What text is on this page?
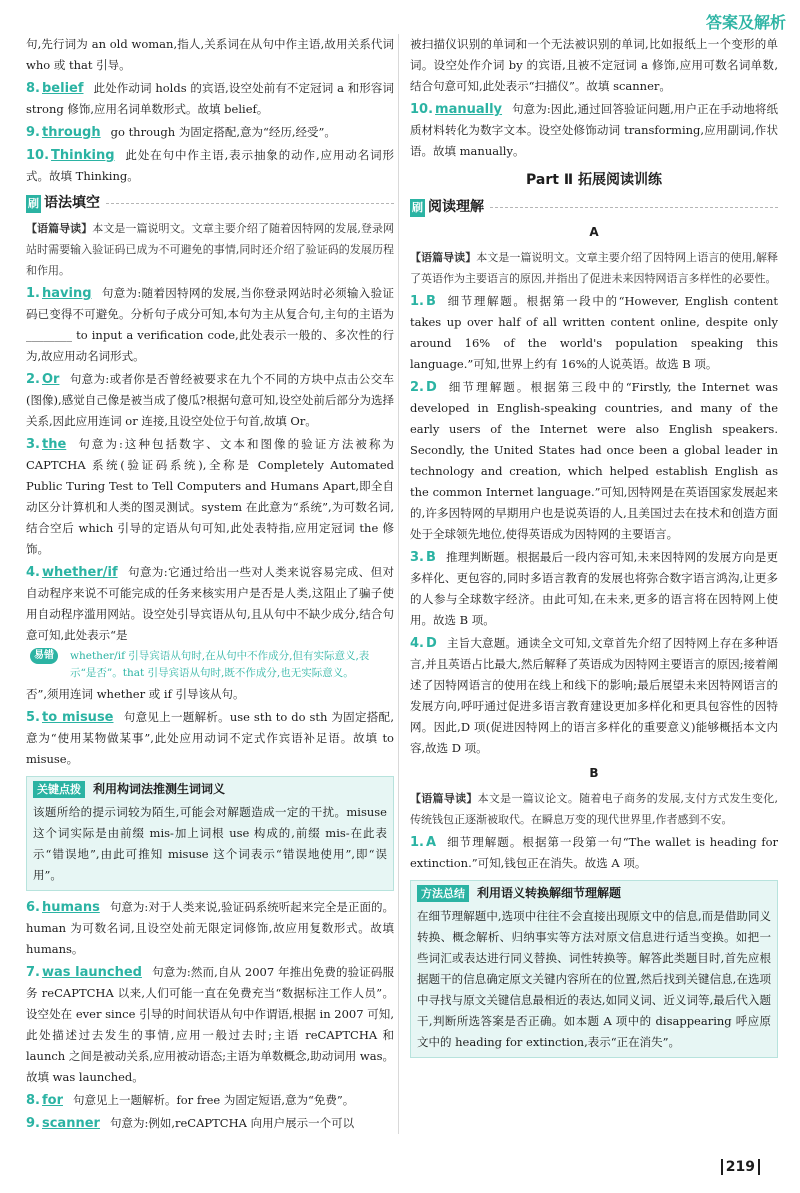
答案及解析

句,先行词为 an old woman,指人,关系词在从句中作主语,故用关系代词 who 或 that 引导。

8. belief 此处作动词 holds 的宾语,设空处前有不定冠词 a 和形容词 strong 修饰,应用名词单数形式。故填 belief。

9. through go through 为固定搭配,意为“经历,经受”。

10. Thinking 此处在句中作主语,表示抽象的动作,应用动名词形式。故填 Thinking。

刷 语法填空

【语篇导读】本文是一篇说明文。文章主要介绍了随着因特网的发展,登录网站时需要输入验证码已成为不可避免的事情,同时还介绍了验证码的发展历程和作用。

1. having 句意为:随着因特网的发展,当你登录网站时必须输入验证码已变得不可避免。分析句子成分可知,本句为主从复合句,主句的主语为________ to input a verification code,此处表示一般的、多次性的行为,故应用动名词形式。

2. Or 句意为:或者你是否曾经被要求在九个不同的方块中点击公交车(图像),感觉自己像是被当成了傻瓜?根据句意可知,设空处前后部分为选择关系,因此应用连词 or 连接,且设空处位于句首,故填 Or。

3. the 句意为:这种包括数字、文本和图像的验证方法被称为 CAPTCHA 系统(验证码系统),全称是 Completely Automated Public Turing Test to Tell Computers and Humans Apart,即全自动区分计算机和人类的图灵测试。system 在此意为“系统”,为可数名词,结合空后 which 引导的定语从句可知,此处表特指,应用定冠词 the 修饰。

4. whether/if 句意为:它通过给出一些对人类来说容易完成、但对自动程序来说不可能完成的任务来核实用户是否是人类,这阻止了骗子使用自动程序滥用网站。设空处引导宾语从句,且从句中不缺少成分,结合句意可知,此处表示“是

易错	whether/if 引导宾语从句时,在从句中不作成分,但有实际意义,表示“是否”。that 引导宾语从句时,既不作成分,也无实际意义。

否”,须用连词 whether 或 if 引导该从句。

5. to misuse 句意见上一题解析。use sth to do sth 为固定搭配,意为“使用某物做某事”,此处应用动词不定式作宾语补足语。故填 to misuse。

关键点拨	利用构词法推测生词词义

该题所给的提示词较为陌生,可能会对解题造成一定的干扰。misuse 这个词实际是由前缀 mis-加上词根 use 构成的,前缀 mis-在此表示“错误地”,由此可推知 misuse 这个词表示“错误地使用”,即“误用”。

6. humans 句意为:对于人类来说,验证码系统听起来完全是正面的。human 为可数名词,且设空处前无限定词修饰,故应用复数形式。故填 humans。

7. was launched 句意为:然而,自从 2007 年推出免费的验证码服务 reCAPTCHA 以来,人们可能一直在免费充当“数据标注工作人员”。设空处在 ever since 引导的时间状语从句中作谓语,根据 in 2007 可知,此处描述过去发生的事情,应用一般过去时;主语 reCAPTCHA 和 launch 之间是被动关系,应用被动语态;主语为单数概念,助动词用 was。故填 was launched。

8. for 句意见上一题解析。for free 为固定短语,意为“免费”。

9. scanner 句意为:例如,reCAPTCHA 向用户展示一个可以

被扫描仪识别的单词和一个无法被识别的单词,比如报纸上一个变形的单词。设空处作介词 by 的宾语,且被不定冠词 a 修饰,应用可数名词单数,结合句意可知,此处表示“扫描仪”。故填 scanner。

10. manually 句意为:因此,通过回答验证问题,用户正在手动地将纸质材料转化为数字文本。设空处修饰动词 transforming,应用副词,作状语。故填 manually。

Part Ⅱ 拓展阅读训练
刷 阅读理解
A

【语篇导读】本文是一篇说明文。文章主要介绍了因特网上语言的使用,解释了英语作为主要语言的原因,并指出了促进未来因特网语言多样性的必要性。

1. B 细节理解题。根据第一段中的“However, English content takes up over half of all written content online, despite only around 16% of the world's population speaking this language.”可知,世界上约有 16%的人说英语。故选 B 项。

2. D 细节理解题。根据第三段中的“Firstly, the Internet was developed in English-speaking countries, and many of the early users of the Internet were also English speakers. Secondly, the United States had once been a global leader in technology and creation, which helped establish English as the common Internet language.”可知,因特网是在英语国家发展起来的,许多因特网的早期用户也是说英语的人,且美国过去在技术和创造方面处于全球领先地位,使得英语成为因特网的主要语言。

3. B 推理判断题。根据最后一段内容可知,未来因特网的发展方向是更多样化、更包容的,同时多语言教育的发展也将弥合数字语言鸿沟,让更多的人参与全球数字经济。由此可知,在未来,更多的语言将在因特网上使用。故选 B 项。

4. D 主旨大意题。通读全文可知,文章首先介绍了因特网上存在多种语言,并且英语占比最大,然后解释了英语成为因特网主要语言的原因;接着阐述了因特网语言的使用在线上和线下的影响;最后展望未来因特网语言的发展方向,呼吁通过促进多语言教育建设更加多样化和更具包容性的因特网。因此,D 项(促进因特网上的语言多样化的重要意义)能够概括本文内容,故选 D 项。

B

【语篇导读】本文是一篇议论文。随着电子商务的发展,支付方式发生变化,传统钱包正逐渐被取代。在瞬息万变的现代世界里,作者感到不安。

1. A 细节理解题。根据第一段第一句“The wallet is heading for extinction.”可知,钱包正在消失。故选 A 项。

方法总结	利用语义转换解细节理解题

在细节理解题中,选项中往往不会直接出现原文中的信息,而是借助同义转换、概念解析、归纳事实等方法对原文信息进行适当变换。如把一些词汇或表达进行同义替换、词性转换等。解答此类题目时,首先应根据题干的信息确定原文关键内容所在的位置,然后找到关键信息,在选项中寻找与原文关键信息最相近的表达,如同义词、近义词等,最后代入题干,判断所选答案是否正确。如本题 A 项中的 disappearing 呼应原文中的 heading for extinction,表示“正在消失”。

219
